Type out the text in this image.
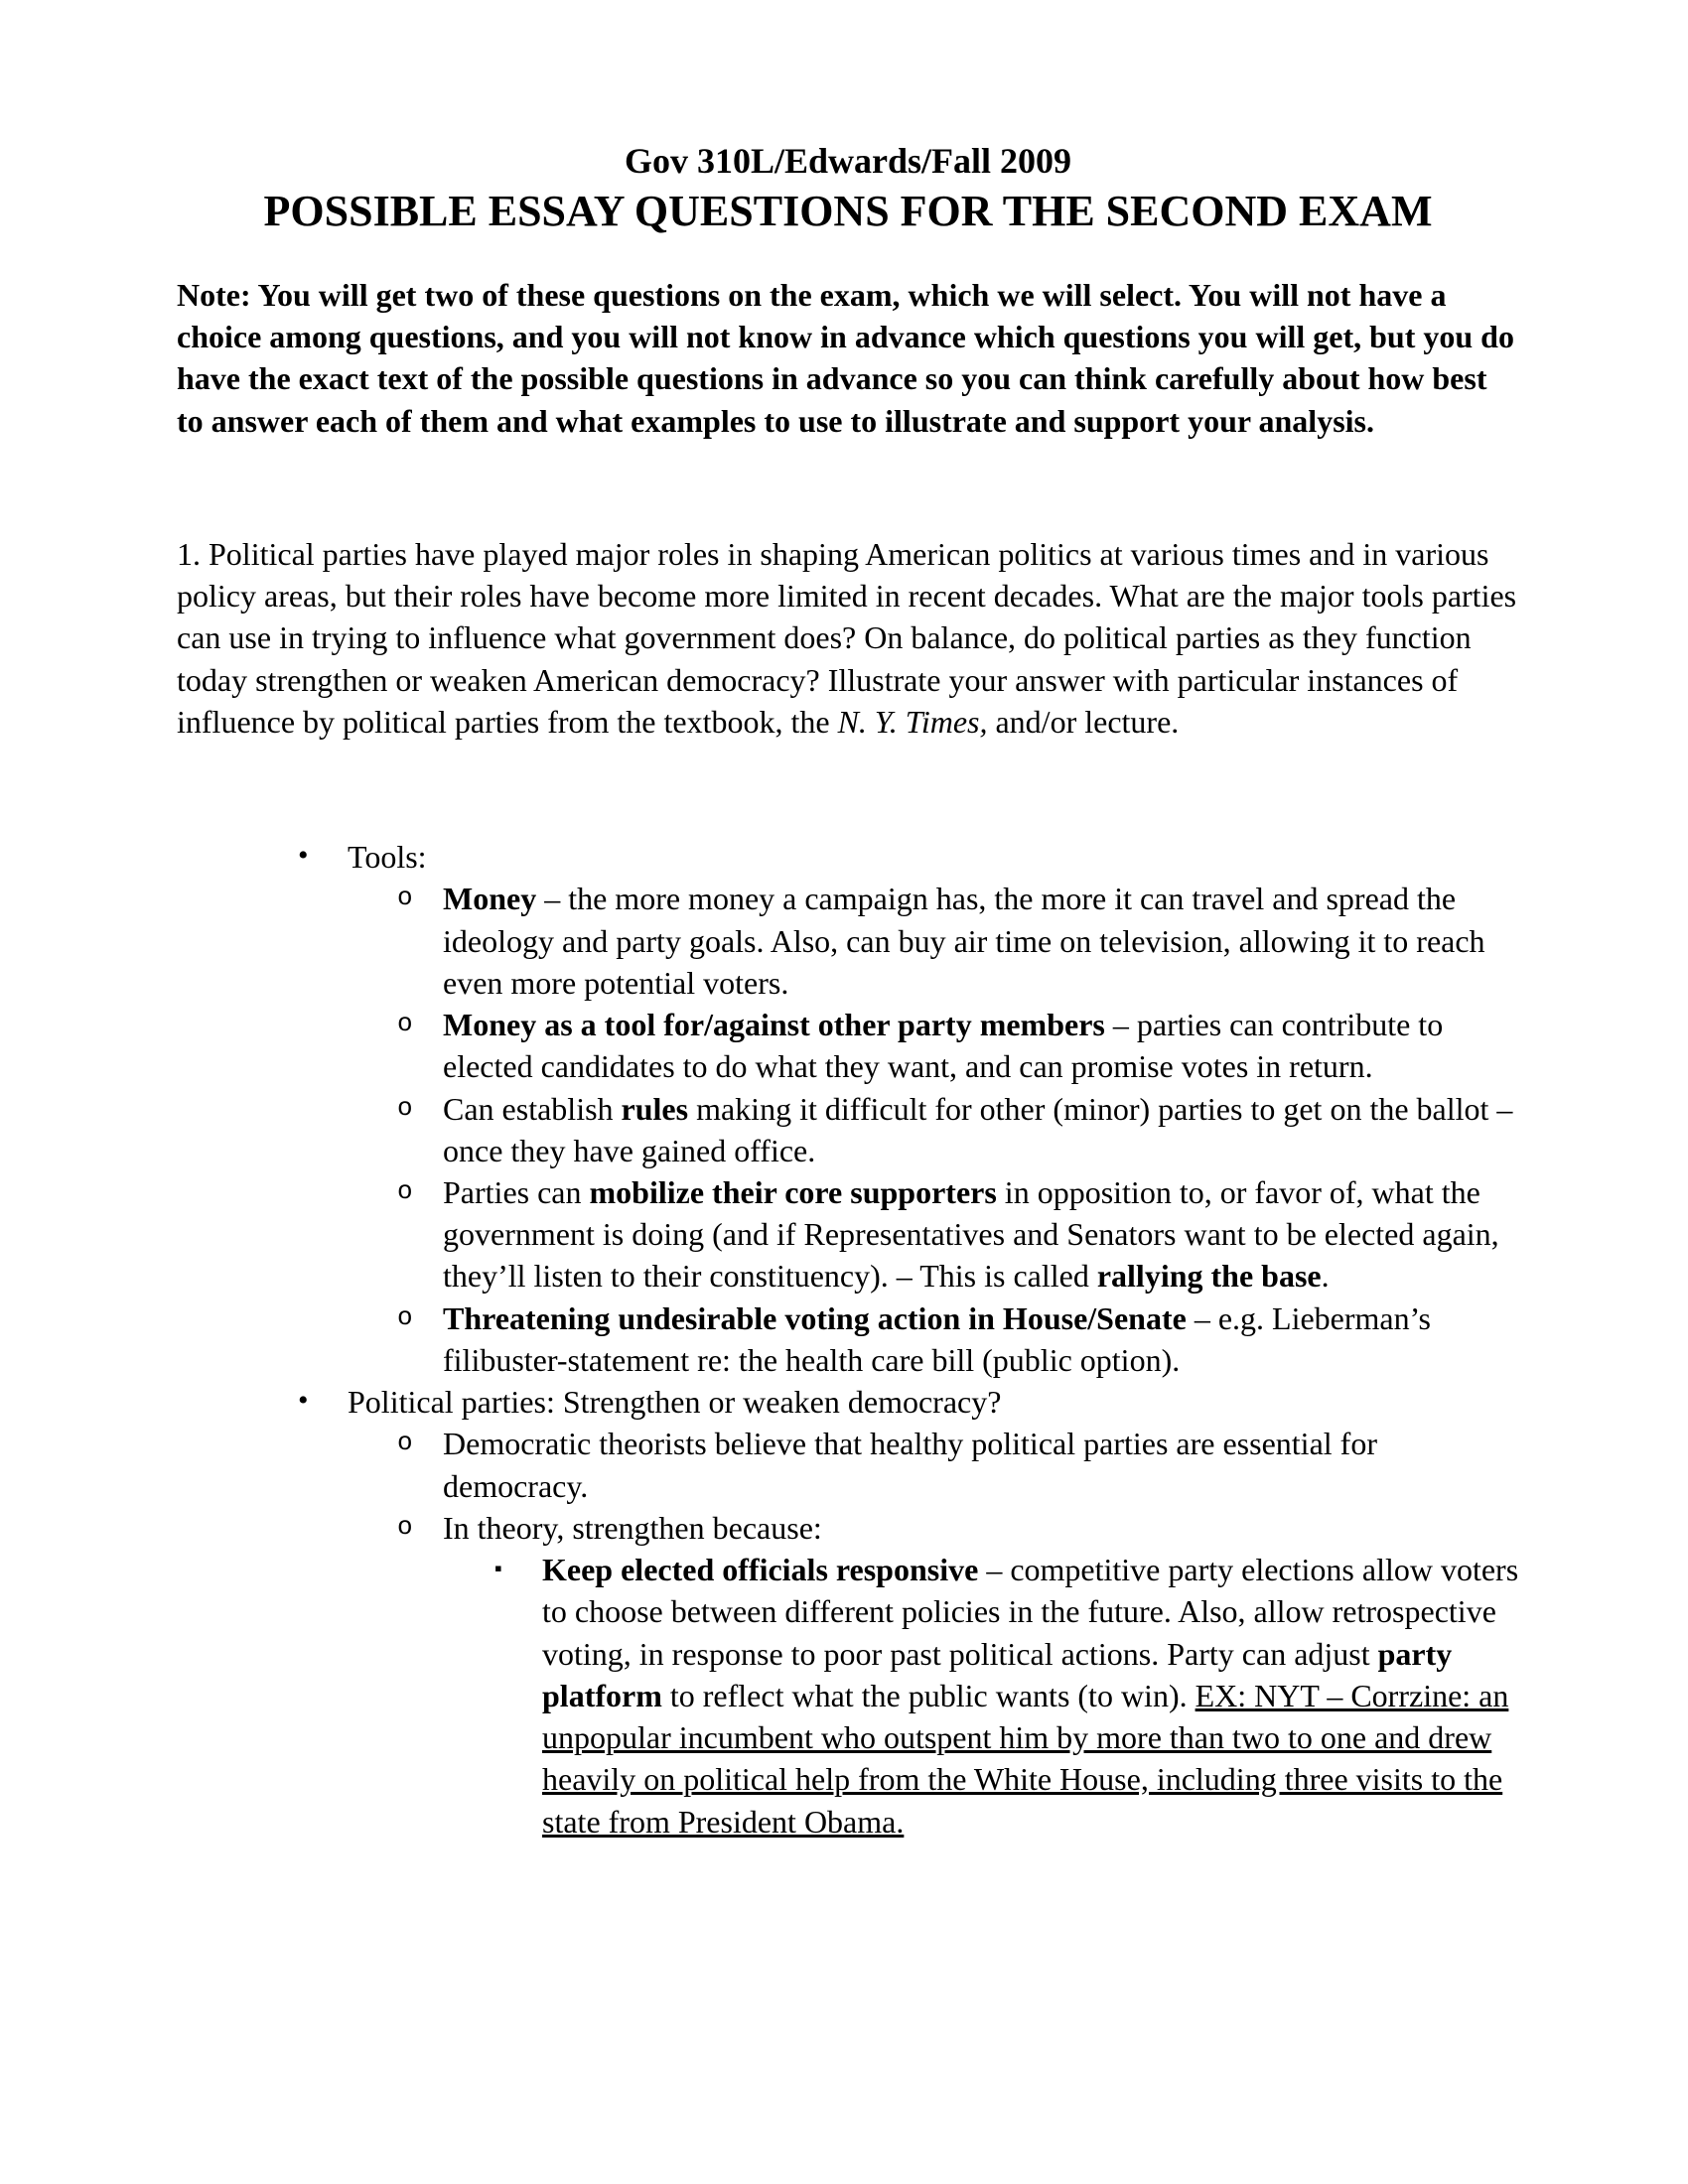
Gov 310L/Edwards/Fall 2009
POSSIBLE ESSAY QUESTIONS FOR THE SECOND EXAM

Note: You will get two of these questions on the exam, which we will select. You will not have a choice among questions, and you will not know in advance which questions you will get, but you do have the exact text of the possible questions in advance so you can think carefully about how best to answer each of them and what examples to use to illustrate and support your analysis.

1. Political parties have played major roles in shaping American politics at various times and in various policy areas, but their roles have become more limited in recent decades. What are the major tools parties can use in trying to influence what government does? On balance, do political parties as they function today strengthen or weaken American democracy? Illustrate your answer with particular instances of influence by political parties from the textbook, the N. Y. Times, and/or lecture.

•	Tools:
o Money – the more money a campaign has, the more it can travel and spread the ideology and party goals. Also, can buy air time on television, allowing it to reach even more potential voters.
o Money as a tool for/against other party members – parties can contribute to elected candidates to do what they want, and can promise votes in return.
o Can establish rules making it difficult for other (minor) parties to get on the ballot – once they have gained office.
o Parties can mobilize their core supporters in opposition to, or favor of, what the government is doing (and if Representatives and Senators want to be elected again, they’ll listen to their constituency). – This is called rallying the base.
o Threatening undesirable voting action in House/Senate – e.g. Lieberman’s filibuster-statement re: the health care bill (public option).
•	Political parties: Strengthen or weaken democracy?
o Democratic theorists believe that healthy political parties are essential for democracy.
o In theory, strengthen because:
▪	Keep elected officials responsive – competitive party elections allow voters to choose between different policies in the future. Also, allow retrospective voting, in response to poor past political actions. Party can adjust party platform to reflect what the public wants (to win). EX: NYT – Corrzine: an unpopular incumbent who outspent him by more than two to one and drew heavily on political help from the White House, including three visits to the state from President Obama.
